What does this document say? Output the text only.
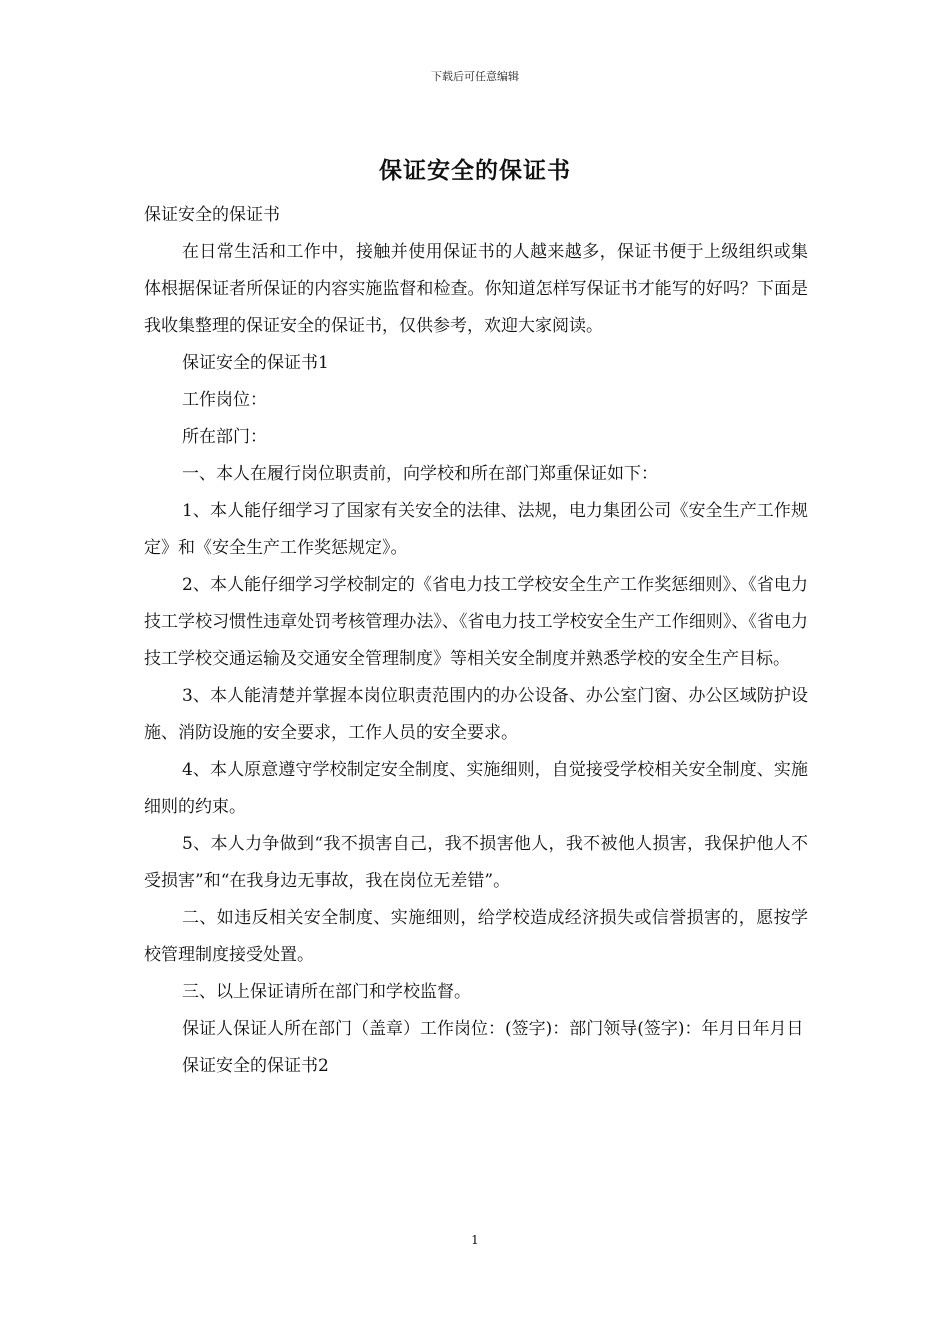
下载后可任意编辑
保证安全的保证书

保证安全的保证书

在日常生活和工作中，接触并使用保证书的人越来越多，保证书便于上级组织或集体根据保证者所保证的内容实施监督和检查。你知道怎样写保证书才能写的好吗？下面是我收集整理的保证安全的保证书，仅供参考，欢迎大家阅读。

保证安全的保证书1

工作岗位：

所在部门：

一、本人在履行岗位职责前，向学校和所在部门郑重保证如下：

1、本人能仔细学习了国家有关安全的法律、法规，电力集团公司《安全生产工作规定》和《安全生产工作奖惩规定》。

2、本人能仔细学习学校制定的《省电力技工学校安全生产工作奖惩细则》、《省电力技工学校习惯性违章处罚考核管理办法》、《省电力技工学校安全生产工作细则》、《省电力技工学校交通运输及交通安全管理制度》等相关安全制度并熟悉学校的安全生产目标。

3、本人能清楚并掌握本岗位职责范围内的办公设备、办公室门窗、办公区域防护设施、消防设施的安全要求，工作人员的安全要求。

4、本人原意遵守学校制定安全制度、实施细则，自觉接受学校相关安全制度、实施细则的约束。

5、本人力争做到“我不损害自己，我不损害他人，我不被他人损害，我保护他人不受损害”和“在我身边无事故，我在岗位无差错”。

二、如违反相关安全制度、实施细则，给学校造成经济损失或信誉损害的，愿按学校管理制度接受处置。

三、以上保证请所在部门和学校监督。

保证人保证人所在部门（盖章）工作岗位：(签字)：部门领导(签字)：年月日年月日

保证安全的保证书2

1
